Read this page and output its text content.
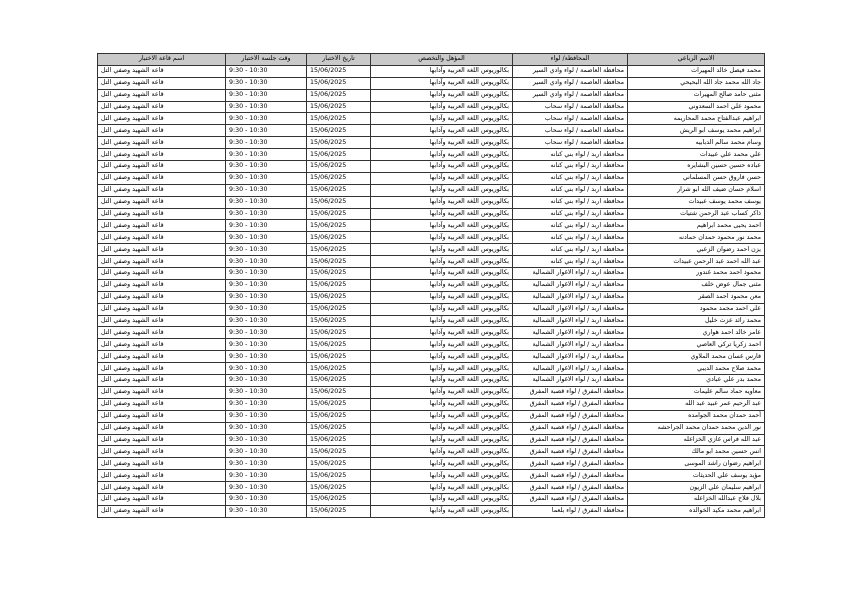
اسم قاعة الاختبار	وقت جلسة الاختبار	تاريخ الاختبار	المؤهل والتخصص	المحافظة/ لواء	الاسم الرباعي
قاعة الشهيد وصفي التل	9:30 - 10:30	15/06/2025	بكالوريوس اللغة العربية وآدابها	محافظة العاصمة / لواء وادي السير	محمد فيصل خالد المهيرات
قاعة الشهيد وصفي التل	9:30 - 10:30	15/06/2025	بكالوريوس اللغة العربية وآدابها	محافظة العاصمة / لواء وادي السير	جاد الله محمد جاد الله البحيحي
قاعة الشهيد وصفي التل	9:30 - 10:30	15/06/2025	بكالوريوس اللغة العربية وآدابها	محافظة العاصمة / لواء وادي السير	مثنى حامد صالح المهيرات
قاعة الشهيد وصفي التل	9:30 - 10:30	15/06/2025	بكالوريوس اللغة العربية وآدابها	محافظة العاصمة / لواء سحاب	محمود علي احمد السعدوني
قاعة الشهيد وصفي التل	9:30 - 10:30	15/06/2025	بكالوريوس اللغة العربية وآدابها	محافظة العاصمة / لواء سحاب	ابراهيم عبدالفتاح محمد المحاريمه
قاعة الشهيد وصفي التل	9:30 - 10:30	15/06/2025	بكالوريوس اللغة العربية وآدابها	محافظة العاصمة / لواء سحاب	ابراهيم محمد يوسف ابو الريش
قاعة الشهيد وصفي التل	9:30 - 10:30	15/06/2025	بكالوريوس اللغة العربية وآدابها	محافظة العاصمة / لواء سحاب	وسام محمد سالم الدبابيه
قاعة الشهيد وصفي التل	9:30 - 10:30	15/06/2025	بكالوريوس اللغة العربية وآدابها	محافظة اربد / لواء بني كنانه	علي محمد علي عبيدات
قاعة الشهيد وصفي التل	9:30 - 10:30	15/06/2025	بكالوريوس اللغة العربية وآدابها	محافظة اربد / لواء بني كنانه	عباده حسين حسين البشايره
قاعة الشهيد وصفي التل	9:30 - 10:30	15/06/2025	بكالوريوس اللغة العربية وآدابها	محافظة اربد / لواء بني كنانه	حسن فاروق حسن المسلماني
قاعة الشهيد وصفي التل	9:30 - 10:30	15/06/2025	بكالوريوس اللغة العربية وآدابها	محافظة اربد / لواء بني كنانه	اسلام حسان ضيف الله ابو شرار
قاعة الشهيد وصفي التل	9:30 - 10:30	15/06/2025	بكالوريوس اللغة العربية وآدابها	محافظة اربد / لواء بني كنانه	يوسف محمد يوسف عبيدات
قاعة الشهيد وصفي التل	9:30 - 10:30	15/06/2025	بكالوريوس اللغة العربية وآدابها	محافظة اربد / لواء بني كنانه	ذاكر كساب عبد الرحمن شتيات
قاعة الشهيد وصفي التل	9:30 - 10:30	15/06/2025	بكالوريوس اللغة العربية وآدابها	محافظة اربد / لواء بني كنانه	احمد يحيى محمد ابراهيم
قاعة الشهيد وصفي التل	9:30 - 10:30	15/06/2025	بكالوريوس اللغة العربية وآدابها	محافظة اربد / لواء بني كنانه	محمد نور محمود حمدان حمادنه
قاعة الشهيد وصفي التل	9:30 - 10:30	15/06/2025	بكالوريوس اللغة العربية وآدابها	محافظة اربد / لواء بني كنانه	يزن احمد رضوان الزعبي
قاعة الشهيد وصفي التل	9:30 - 10:30	15/06/2025	بكالوريوس اللغة العربية وآدابها	محافظة اربد / لواء بني كنانه	عبد الله احمد عبد الرحمن عبيدات
قاعة الشهيد وصفي التل	9:30 - 10:30	15/06/2025	بكالوريوس اللغة العربية وآدابها	محافظة اربد / لواء الاغوار الشمالية	محمود احمد محمد غندور
قاعة الشهيد وصفي التل	9:30 - 10:30	15/06/2025	بكالوريوس اللغة العربية وآدابها	محافظة اربد / لواء الاغوار الشمالية	مثنى جمال عوض خلف
قاعة الشهيد وصفي التل	9:30 - 10:30	15/06/2025	بكالوريوس اللغة العربية وآدابها	محافظة اربد / لواء الاغوار الشمالية	معن محمود احمد الصقر
قاعة الشهيد وصفي التل	9:30 - 10:30	15/06/2025	بكالوريوس اللغة العربية وآدابها	محافظة اربد / لواء الاغوار الشمالية	علي احمد محمد محمود
قاعة الشهيد وصفي التل	9:30 - 10:30	15/06/2025	بكالوريوس اللغة العربية وآدابها	محافظة اربد / لواء الاغوار الشمالية	محمد رائد عزت خليل
قاعة الشهيد وصفي التل	9:30 - 10:30	15/06/2025	بكالوريوس اللغة العربية وآدابها	محافظة اربد / لواء الاغوار الشمالية	عامر خالد احمد هواري
قاعة الشهيد وصفي التل	9:30 - 10:30	15/06/2025	بكالوريوس اللغة العربية وآدابها	محافظة اربد / لواء الاغوار الشمالية	احمد زكريا تركي العاصي
قاعة الشهيد وصفي التل	9:30 - 10:30	15/06/2025	بكالوريوس اللغة العربية وآدابها	محافظة اربد / لواء الاغوار الشمالية	فارس غسان محمد الملاوي
قاعة الشهيد وصفي التل	9:30 - 10:30	15/06/2025	بكالوريوس اللغة العربية وآدابها	محافظة اربد / لواء الاغوار الشمالية	محمد صلاح محمد الديبي
قاعة الشهيد وصفي التل	9:30 - 10:30	15/06/2025	بكالوريوس اللغة العربية وآدابها	محافظة اربد / لواء الاغوار الشمالية	محمد بدر علي عبادي
قاعة الشهيد وصفي التل	9:30 - 10:30	15/06/2025	بكالوريوس اللغة العربية وآدابها	محافظة المفرق / لواء قصبة المفرق	معاويه حماد سالم عليمات
قاعة الشهيد وصفي التل	9:30 - 10:30	15/06/2025	بكالوريوس اللغة العربية وآدابها	محافظة المفرق / لواء قصبة المفرق	عبد الرحيم عمر عبيد عبد الله
قاعة الشهيد وصفي التل	9:30 - 10:30	15/06/2025	بكالوريوس اللغة العربية وآدابها	محافظة المفرق / لواء قصبة المفرق	أحمد حمدان محمد الجوامده
قاعة الشهيد وصفي التل	9:30 - 10:30	15/06/2025	بكالوريوس اللغة العربية وآدابها	محافظة المفرق / لواء قصبة المفرق	نور الدين محمد حمدان محمد الجراحشه
قاعة الشهيد وصفي التل	9:30 - 10:30	15/06/2025	بكالوريوس اللغة العربية وآدابها	محافظة المفرق / لواء قصبة المفرق	عبد الله فراس غازي الخزاعله
قاعة الشهيد وصفي التل	9:30 - 10:30	15/06/2025	بكالوريوس اللغة العربية وآدابها	محافظة المفرق / لواء قصبة المفرق	انس حسين محمد ابو مالك
قاعة الشهيد وصفي التل	9:30 - 10:30	15/06/2025	بكالوريوس اللغة العربية وآدابها	محافظة المفرق / لواء قصبة المفرق	ابراهيم رضوان راشد الموسى
قاعة الشهيد وصفي التل	9:30 - 10:30	15/06/2025	بكالوريوس اللغة العربية وآدابها	محافظة المفرق / لواء قصبة المفرق	مؤيد يوسف علي الحديثات
قاعة الشهيد وصفي التل	9:30 - 10:30	15/06/2025	بكالوريوس اللغة العربية وآدابها	محافظة المفرق / لواء قصبة المفرق	ابراهيم سليمان علي الزيون
قاعة الشهيد وصفي التل	9:30 - 10:30	15/06/2025	بكالوريوس اللغة العربية وآدابها	محافظة المفرق / لواء قصبة المفرق	بلال فلاح عبدالله الخزاعله
قاعة الشهيد وصفي التل	9:30 - 10:30	15/06/2025	بكالوريوس اللغة العربية وآدابها	محافظة المفرق / لواء بلعما	ابراهيم محمد مكيد الخوالده
